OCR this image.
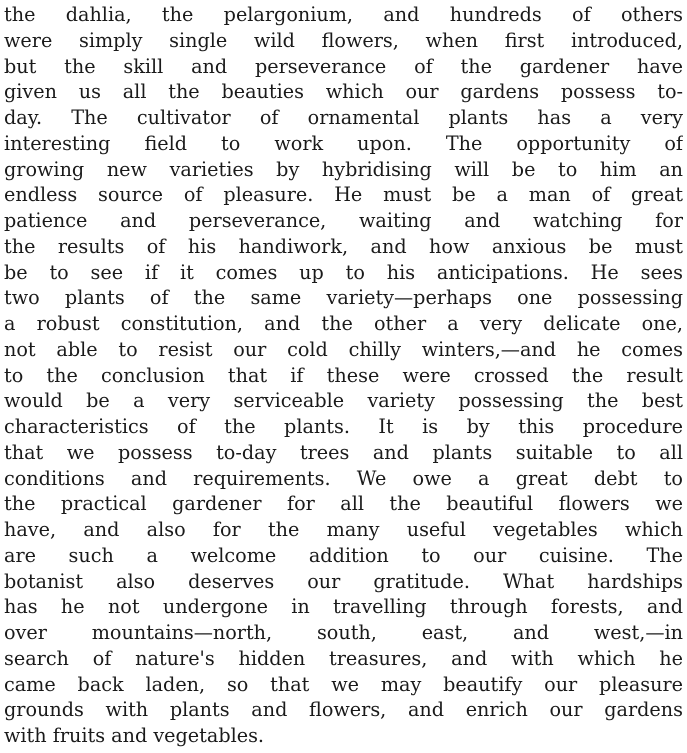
the dahlia, the pelargonium, and hundreds of others
were simply single wild flowers, when first introduced,
but the skill and perseverance of the gardener have
given us all the beauties which our gardens possess to-
day. The cultivator of ornamental plants has a very
interesting field to work upon. The opportunity of
growing new varieties by hybridising will be to him an
endless source of pleasure. He must be a man of great
patience and perseverance, waiting and watching for
the results of his handiwork, and how anxious be must
be to see if it comes up to his anticipations. He sees
two plants of the same variety—perhaps one possessing
a robust constitution, and the other a very delicate one,
not able to resist our cold chilly winters,—and he comes
to the conclusion that if these were crossed the result
would be a very serviceable variety possessing the best
characteristics of the plants. It is by this procedure
that we possess to-day trees and plants suitable to all
conditions and requirements. We owe a great debt to
the practical gardener for all the beautiful flowers we
have, and also for the many useful vegetables which
are such a welcome addition to our cuisine. The
botanist also deserves our gratitude. What hardships
has he not undergone in travelling through forests, and
over mountains—north, south, east, and west,—in
search of nature's hidden treasures, and with which he
came back laden, so that we may beautify our pleasure
grounds with plants and flowers, and enrich our gardens
with fruits and vegetables.
